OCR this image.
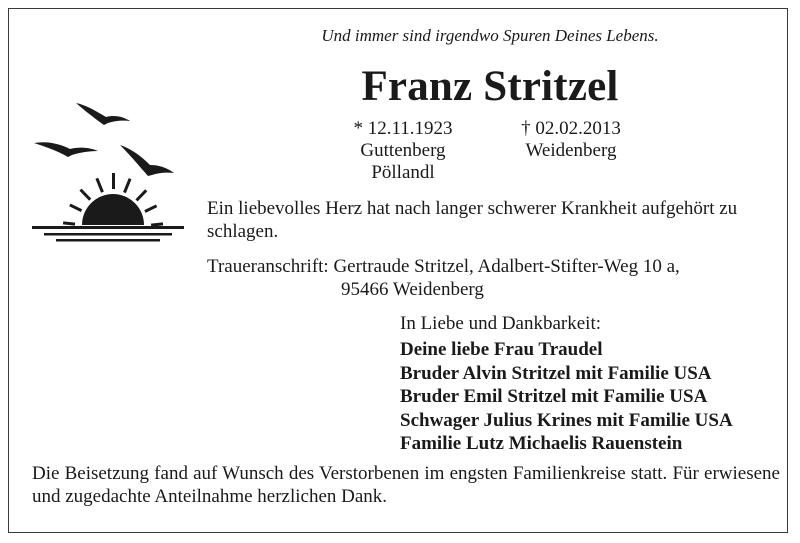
Und immer sind irgendwo Spuren Deines Lebens.
Franz Stritzel
* 12.11.1923
Guttenberg
Pöllandl
† 02.02.2013
Weidenberg
Ein liebevolles Herz hat nach langer schwerer Krankheit aufgehört zu schlagen.
Traueranschrift: Gertraude Stritzel, Adalbert-Stifter-Weg 10 a,
95466 Weidenberg
In Liebe und Dankbarkeit:
Deine liebe Frau Traudel
Bruder Alvin Stritzel mit Familie USA
Bruder Emil Stritzel mit Familie USA
Schwager Julius Krines mit Familie USA
Familie Lutz Michaelis Rauenstein
Die Beisetzung fand auf Wunsch des Verstorbenen im engsten Familienkreise statt. Für erwiesene und zugedachte Anteilnahme herzlichen Dank.
